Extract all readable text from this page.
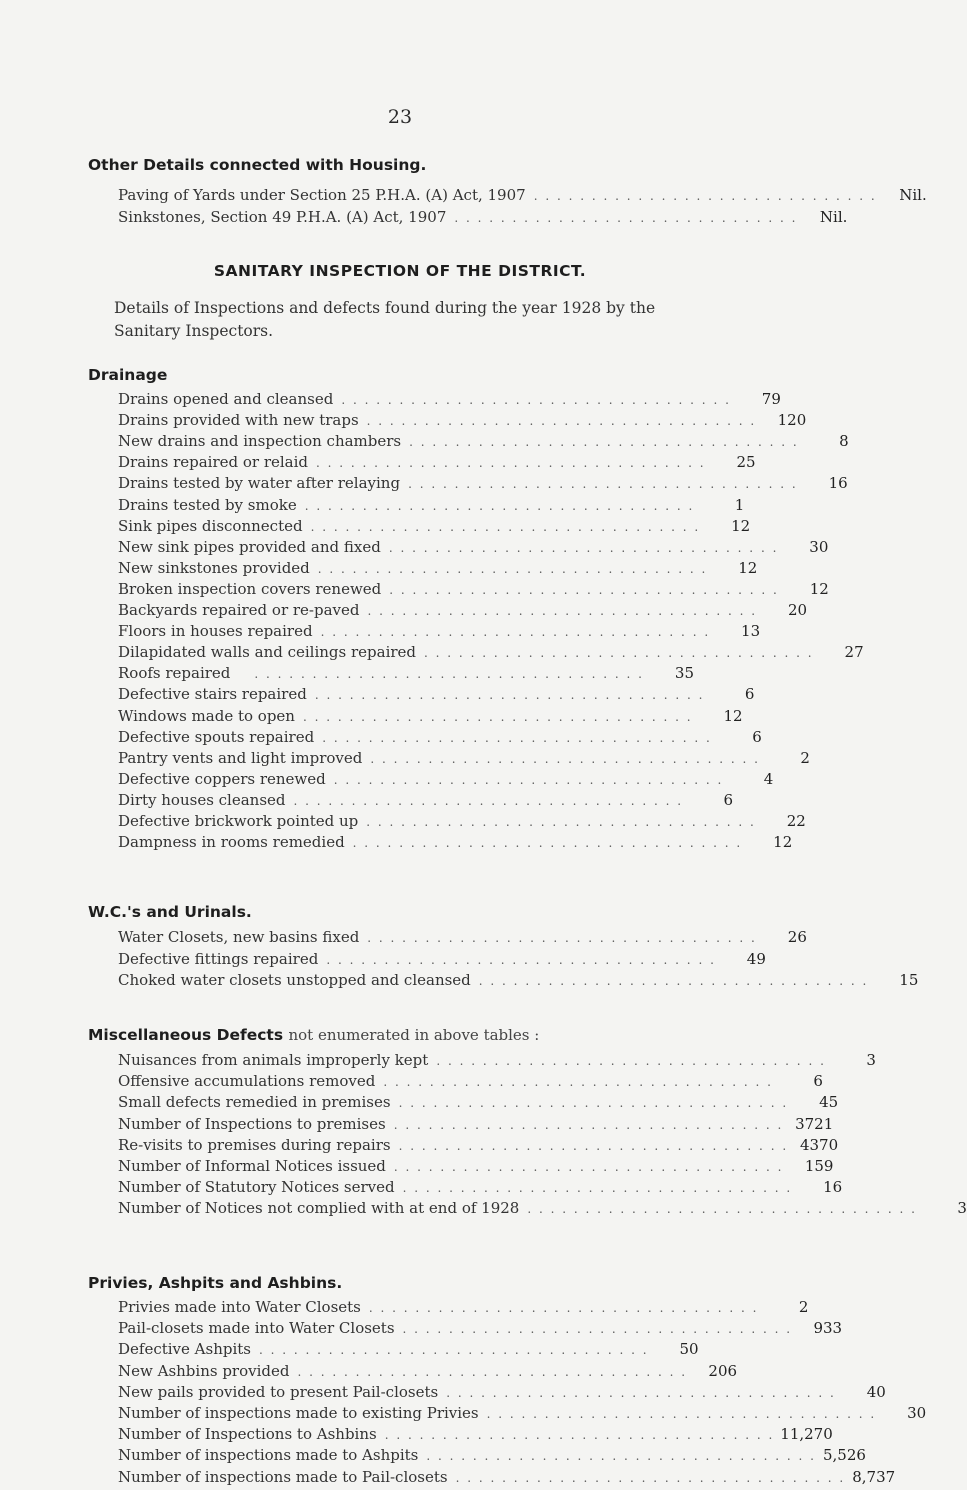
23
Other Details connected with Housing.
Paving of Yards under Section 25 P.H.A. (A) Act, 1907 . . . . . . . . . . . . . . . . . . . . . . . . . . . . . .	Nil.
Sinkstones, Section 49 P.H.A. (A) Act, 1907 . . . . . . . . . . . . . . . . . . . . . . . . . . . . . .	Nil.
SANITARY INSPECTION OF THE DISTRICT.
Details of Inspections and defects found during the year 1928 by the Sanitary Inspectors.
Drainage
Drains opened and cleansed . . . . . . . . . . . . . . . . . . . . . . . . . . . . . . . . . .	79
Drains provided with new traps . . . . . . . . . . . . . . . . . . . . . . . . . . . . . . . . . .	120
New drains and inspection chambers . . . . . . . . . . . . . . . . . . . . . . . . . . . . . . . . . .	8
Drains repaired or relaid . . . . . . . . . . . . . . . . . . . . . . . . . . . . . . . . . .	25
Drains tested by water after relaying . . . . . . . . . . . . . . . . . . . . . . . . . . . . . . . . . .	16
Drains tested by smoke . . . . . . . . . . . . . . . . . . . . . . . . . . . . . . . . . .	1
Sink pipes disconnected . . . . . . . . . . . . . . . . . . . . . . . . . . . . . . . . . .	12
New sink pipes provided and fixed . . . . . . . . . . . . . . . . . . . . . . . . . . . . . . . . . .	30
New sinkstones provided . . . . . . . . . . . . . . . . . . . . . . . . . . . . . . . . . .	12
Broken inspection covers renewed . . . . . . . . . . . . . . . . . . . . . . . . . . . . . . . . . .	12
Backyards repaired or re-paved . . . . . . . . . . . . . . . . . . . . . . . . . . . . . . . . . .	20
Floors in houses repaired . . . . . . . . . . . . . . . . . . . . . . . . . . . . . . . . . .	13
Dilapidated walls and ceilings repaired . . . . . . . . . . . . . . . . . . . . . . . . . . . . . . . . . .	27
Roofs repaired	. . . . . . . . . . . . . . . . . . . . . . . . . . . . . . . . . .	35
Defective stairs repaired . . . . . . . . . . . . . . . . . . . . . . . . . . . . . . . . . .	6
Windows made to open . . . . . . . . . . . . . . . . . . . . . . . . . . . . . . . . . .	12
Defective spouts repaired . . . . . . . . . . . . . . . . . . . . . . . . . . . . . . . . . .	6
Pantry vents and light improved . . . . . . . . . . . . . . . . . . . . . . . . . . . . . . . . . .	2
Defective coppers renewed . . . . . . . . . . . . . . . . . . . . . . . . . . . . . . . . . .	4
Dirty houses cleansed . . . . . . . . . . . . . . . . . . . . . . . . . . . . . . . . . .	6
Defective brickwork pointed up . . . . . . . . . . . . . . . . . . . . . . . . . . . . . . . . . .	22
Dampness in rooms remedied . . . . . . . . . . . . . . . . . . . . . . . . . . . . . . . . . .	12
W.C.'s and Urinals.
Water Closets, new basins fixed . . . . . . . . . . . . . . . . . . . . . . . . . . . . . . . . . .	26
Defective fittings repaired . . . . . . . . . . . . . . . . . . . . . . . . . . . . . . . . . .	49
Choked water closets unstopped and cleansed . . . . . . . . . . . . . . . . . . . . . . . . . . . . . . . . . .	15
Miscellaneous Defects not enumerated in above tables :
Nuisances from animals improperly kept . . . . . . . . . . . . . . . . . . . . . . . . . . . . . . . . . .	3
Offensive accumulations removed . . . . . . . . . . . . . . . . . . . . . . . . . . . . . . . . . .	6
Small defects remedied in premises . . . . . . . . . . . . . . . . . . . . . . . . . . . . . . . . . .	45
Number of Inspections to premises . . . . . . . . . . . . . . . . . . . . . . . . . . . . . . . . . . 3721
Re-visits to premises during repairs . . . . . . . . . . . . . . . . . . . . . . . . . . . . . . . . . . 4370
Number of Informal Notices issued . . . . . . . . . . . . . . . . . . . . . . . . . . . . . . . . . .	159
Number of Statutory Notices served . . . . . . . . . . . . . . . . . . . . . . . . . . . . . . . . . .	16
Number of Notices not complied with at end of 1928 . . . . . . . . . . . . . . . . . . . . . . . . . . . . . . . . . .	3
Privies, Ashpits and Ashbins.
Privies made into Water Closets . . . . . . . . . . . . . . . . . . . . . . . . . . . . . . . . . .	2
Pail-closets made into Water Closets . . . . . . . . . . . . . . . . . . . . . . . . . . . . . . . . . .	933
Defective Ashpits . . . . . . . . . . . . . . . . . . . . . . . . . . . . . . . . . .	50
New Ashbins provided . . . . . . . . . . . . . . . . . . . . . . . . . . . . . . . . . .	206
New pails provided to present Pail-closets . . . . . . . . . . . . . . . . . . . . . . . . . . . . . . . . . .	40
Number of inspections made to existing Privies . . . . . . . . . . . . . . . . . . . . . . . . . . . . . . . . . .	30
Number of Inspections to Ashbins . . . . . . . . . . . . . . . . . . . . . . . . . . . . . . . . . . 11,270
Number of inspections made to Ashpits . . . . . . . . . . . . . . . . . . . . . . . . . . . . . . . . . . 5,526
Number of inspections made to Pail-closets . . . . . . . . . . . . . . . . . . . . . . . . . . . . . . . . . . 8,737
